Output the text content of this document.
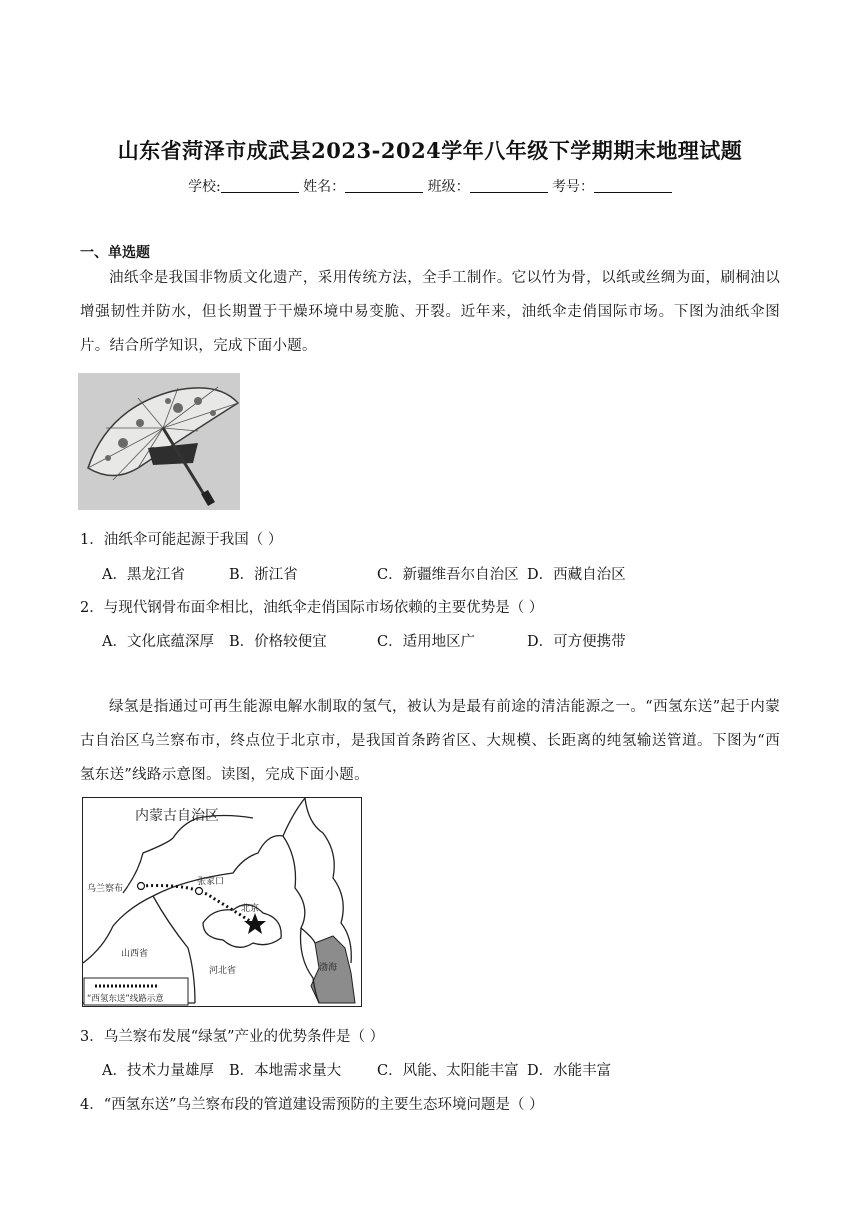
山东省菏泽市成武县2023-2024学年八年级下学期期末地理试题
学校:	姓名：	班级：	考号：
一、单选题
油纸伞是我国非物质文化遗产，采用传统方法，全手工制作。它以竹为骨，以纸或丝绸为面，刷桐油以增强韧性并防水，但长期置于干燥环境中易变脆、开裂。近年来，油纸伞走俏国际市场。下图为油纸伞图片。结合所学知识，完成下面小题。
1．油纸伞可能起源于我国（ ）
A．黑龙江省	B．浙江省	C．新疆维吾尔自治区 D．西藏自治区
2．与现代钢骨布面伞相比，油纸伞走俏国际市场依赖的主要优势是（ ）
A．文化底蕴深厚	B．价格较便宜	C．适用地区广	D．可方便携带
绿氢是指通过可再生能源电解水制取的氢气，被认为是最有前途的清洁能源之一。“西氢东送”起于内蒙古自治区乌兰察布市，终点位于北京市，是我国首条跨省区、大规模、长距离的纯氢输送管道。下图为“西氢东送”线路示意图。读图，完成下面小题。
内蒙古自治区
乌兰察布
张家口
北京
山西省
河北省	渤海
“西氢东送”线路示意
3．乌兰察布发展“绿氢”产业的优势条件是（ ）
A．技术力量雄厚	B．本地需求量大	C．风能、太阳能丰富 D．水能丰富
4．“西氢东送”乌兰察布段的管道建设需预防的主要生态环境问题是（ ）
